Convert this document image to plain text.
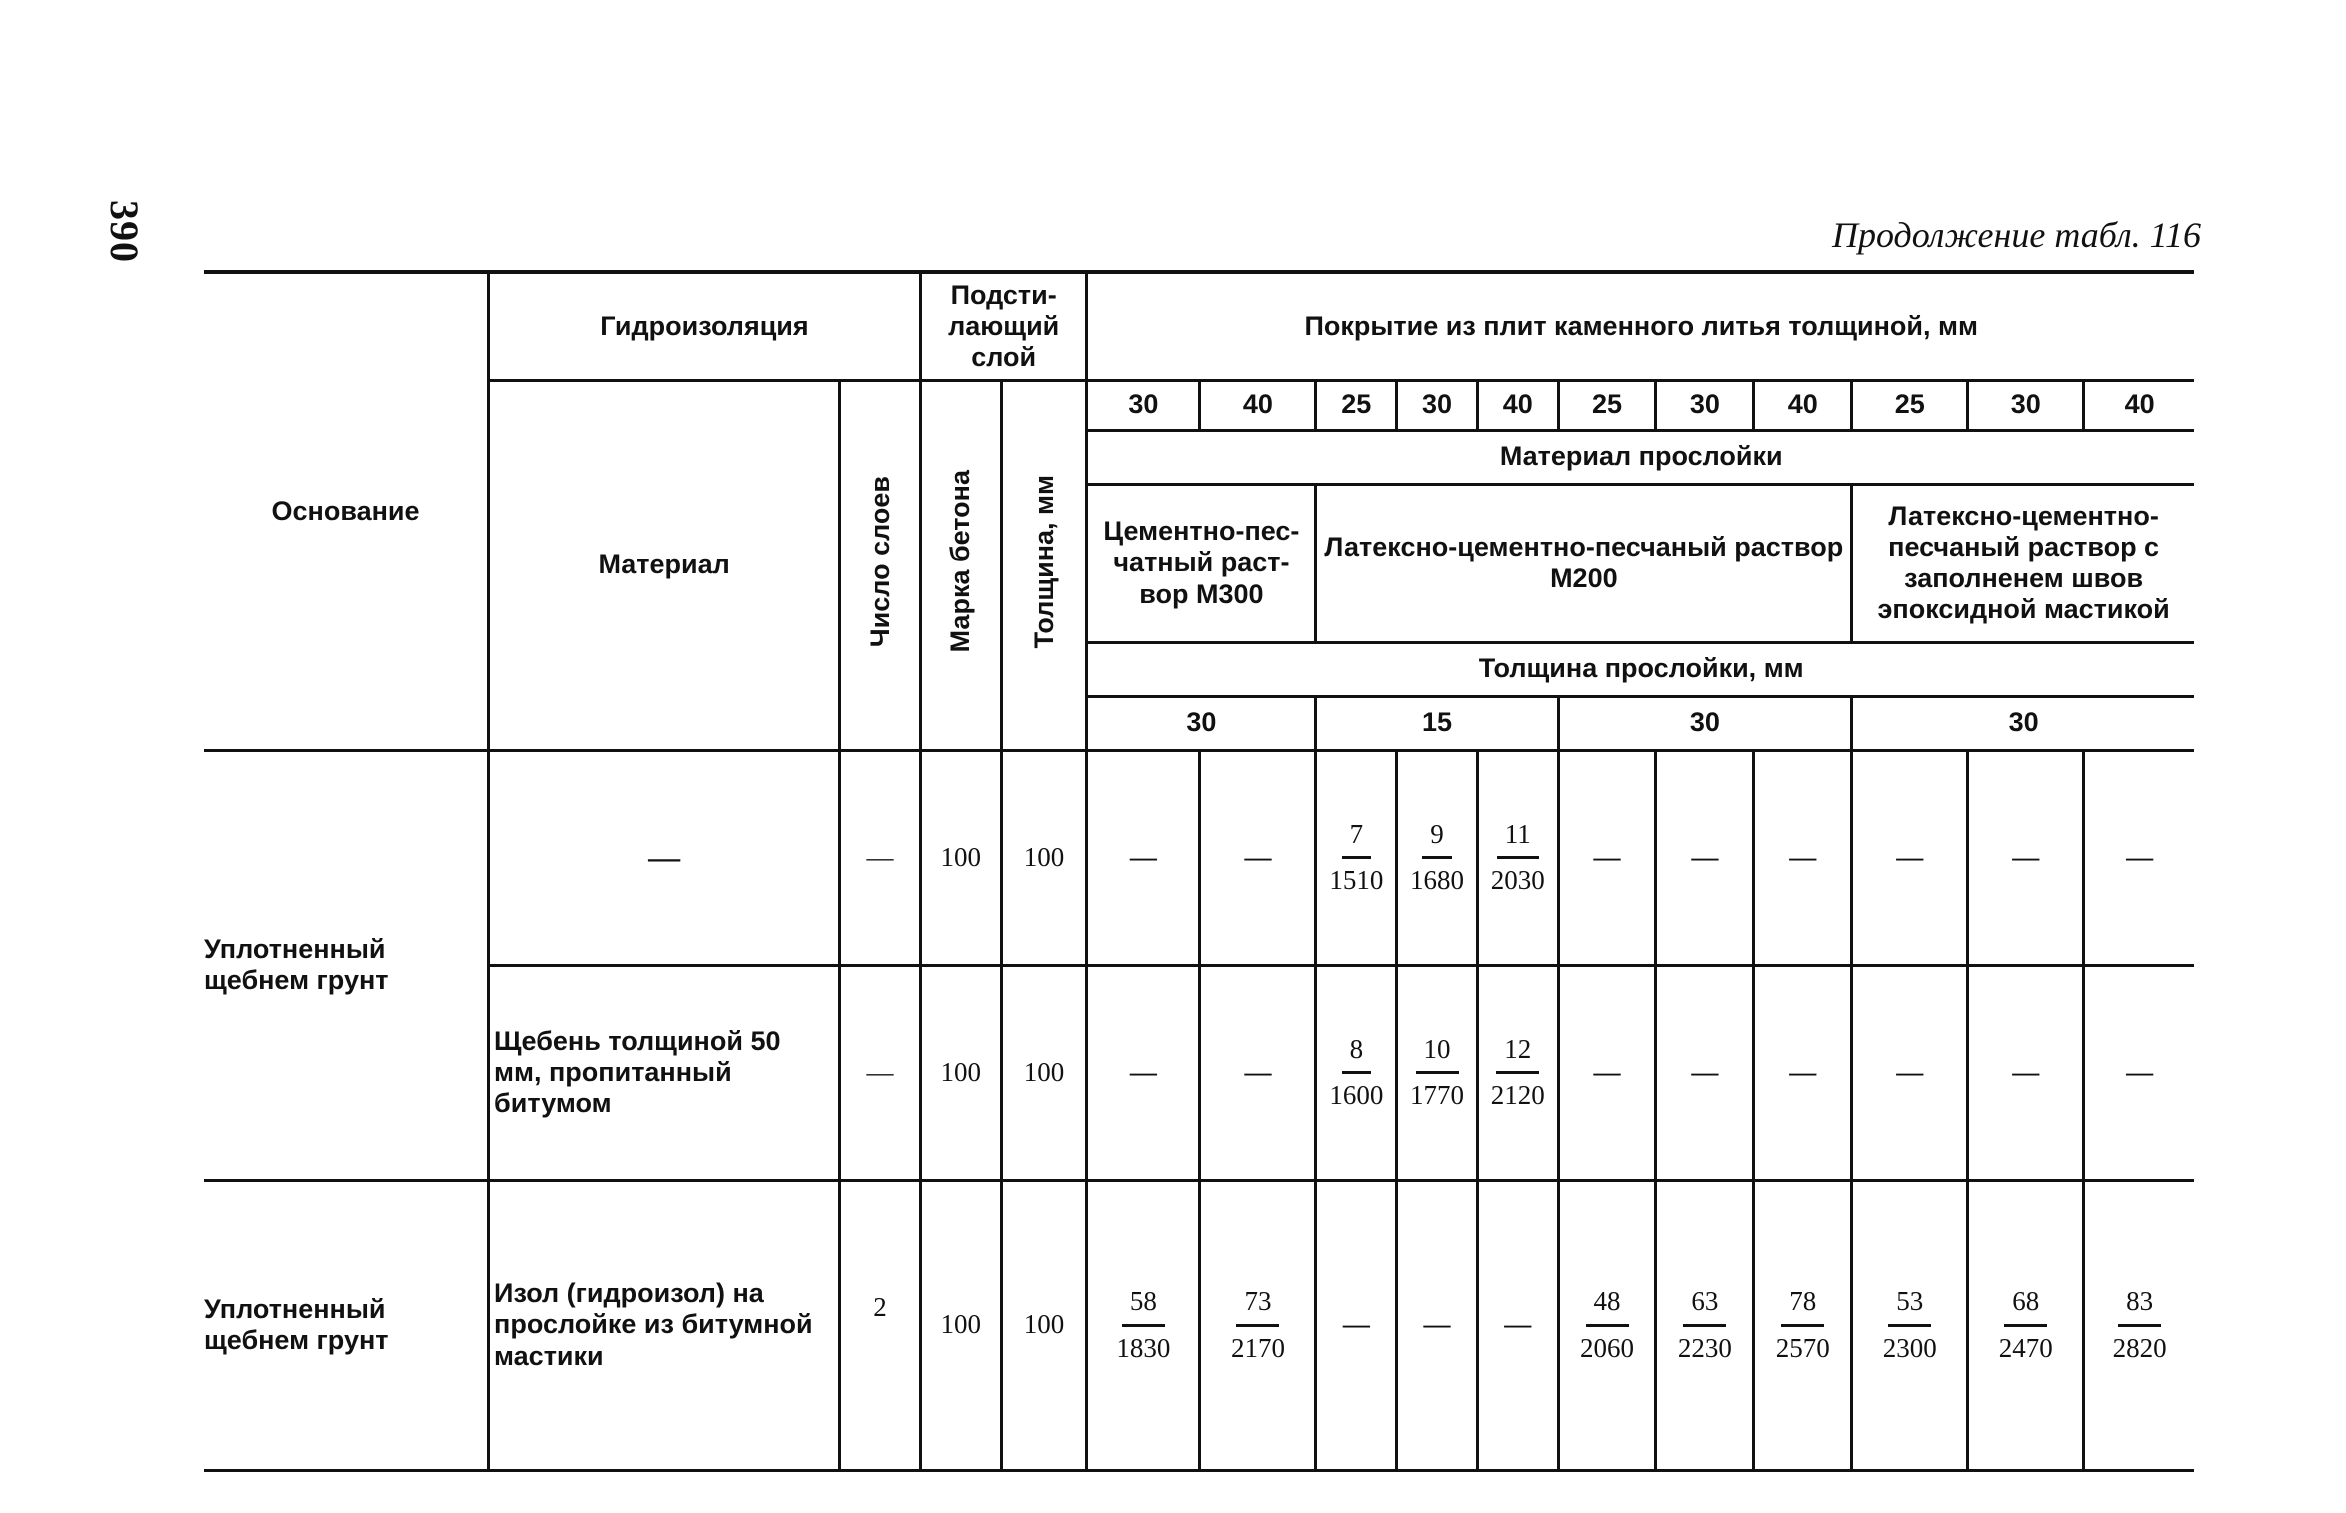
390	Продолжение табл. 116
Основание	Гидроизоляция		Подсти-лающий слой		Покрытие из плит каменного литья толщиной, мм										
	Материал	Число слоев	Марка бетона	Толщина, мм	30	40	25	30	40	25	30	40	25	30	40
					Материал прослойки										
					Цементно-пес-чатный раст-вор М300		Латексно-цементно-песчаный раствор М200						Латексно-цементно-песчаный раствор с заполненем швов эпоксидной мастикой		
					Толщина прослойки, мм										
					30		15			30			30		
Уплотненный щебнем грунт	—	—	100	100	—	—	$\frac{7}{1510}$	$\frac{9}{1680}$	$\frac{11}{2030}$	—	—	—	—	—	—
	Щебень толщиной 50 мм, пропитанный битумом	—	100	100	—	—	$\frac{8}{1600}$	$\frac{10}{1770}$	$\frac{12}{2120}$	—	—	—	—	—	—
Уплотненный щебнем грунт	Изол (гидроизол) на прослойке из битумной мастики	2	100	100	$\frac{58}{1830}$	$\frac{73}{2170}$	—	—	—	$\frac{48}{2060}$	$\frac{63}{2230}$	$\frac{78}{2570}$	$\frac{53}{2300}$	$\frac{68}{2470}$	$\frac{83}{2820}$
